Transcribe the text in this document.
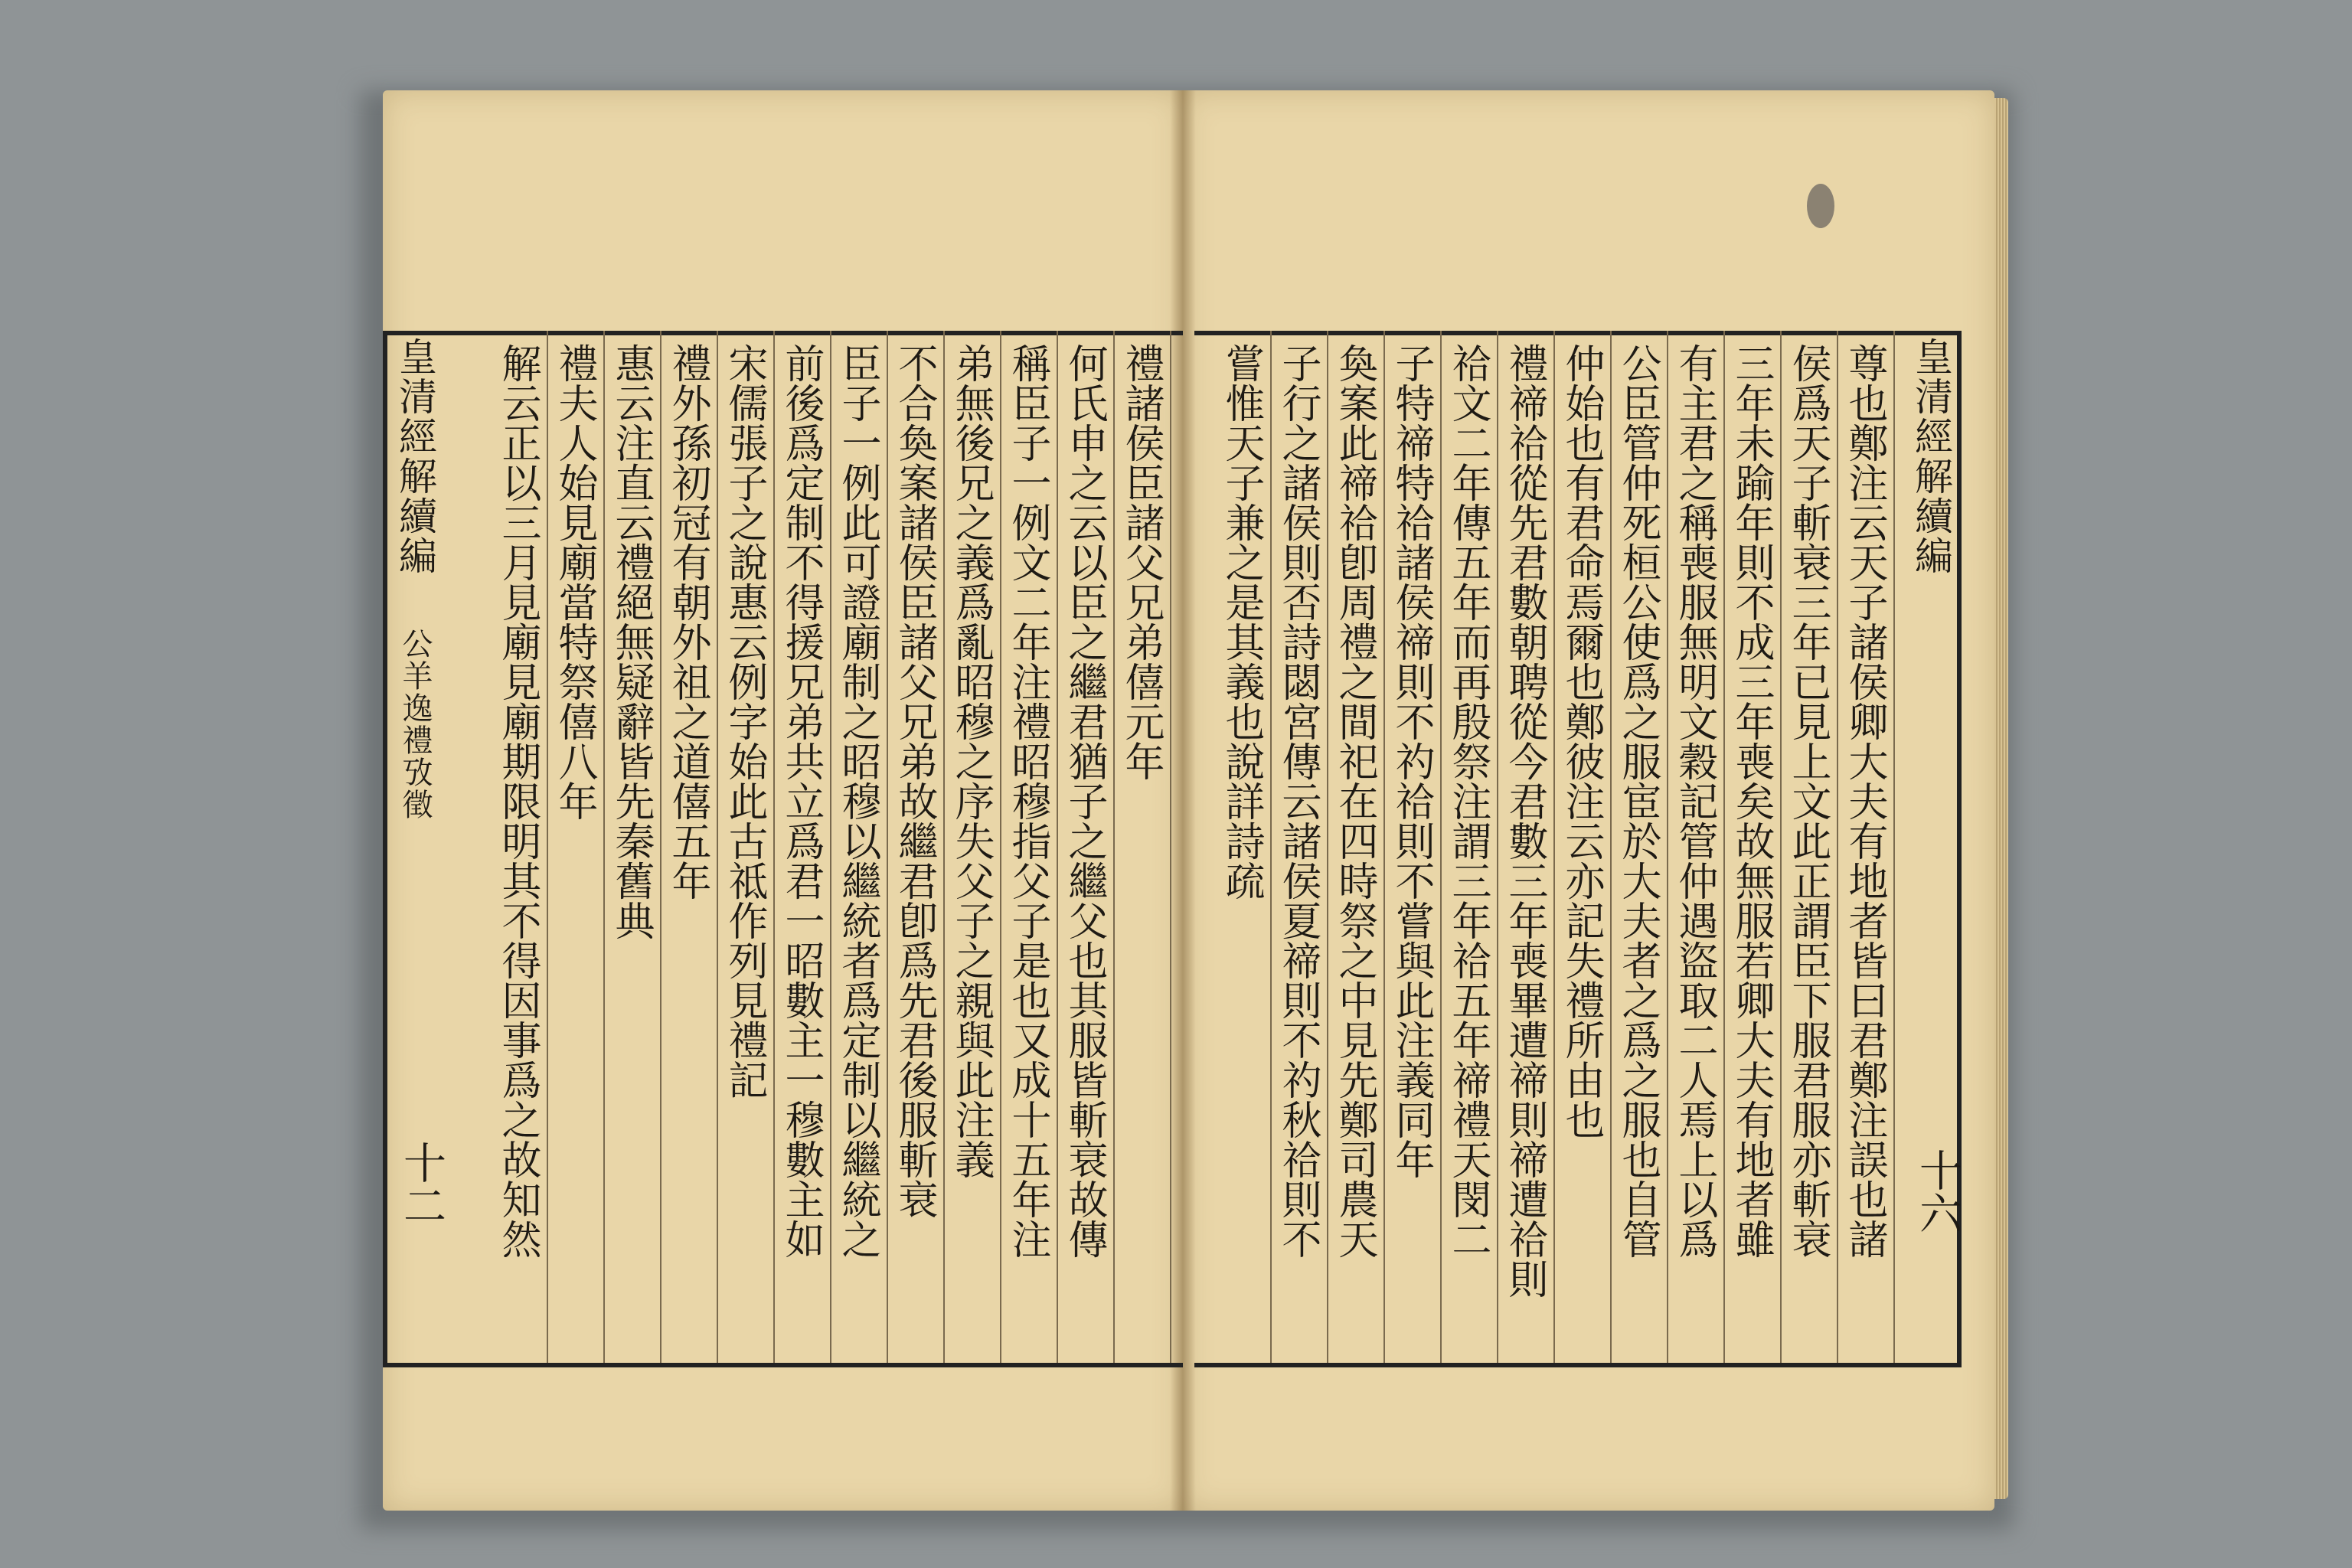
皇清經解續編
十六
皇清經解續編
公羊逸禮攷徵
十二	尊也鄭注云天子諸侯卿大夫有地者皆曰君鄭注誤也諸
侯爲天子斬衰三年已見上文此正謂臣下服君服亦斬衰
三年未踰年則不成三年喪矣故無服若卿大夫有地者雖
有主君之稱喪服無明文穀記管仲遇盜取二人焉上以爲
公臣管仲死桓公使爲之服宦於大夫者之爲之服也自管
仲始也有君命焉爾也鄭彼注云亦記失禮所由也
禮禘祫從先君數朝聘從今君數三年喪畢遭禘則禘遭祫則
祫文二年傳五年而再殷祭注謂三年祫五年禘禮天閔二
子特禘特祫諸侯禘則不礿祫則不嘗與此注義同年
奐案此禘祫卽周禮之間祀在四時祭之中見先鄭司農天
子行之諸侯則否詩閟宮傳云諸侯夏禘則不礿秋祫則不
嘗惟天子兼之是其義也說詳詩疏
禮諸侯臣諸父兄弟僖元年
何氏申之云以臣之繼君猶子之繼父也其服皆斬衰故傳
稱臣子一例文二年注禮昭穆指父子是也又成十五年注
弟無後兄之義爲亂昭穆之序失父子之親與此注義
不合奐案諸侯臣諸父兄弟故繼君卽爲先君後服斬衰
臣子一例此可證廟制之昭穆以繼統者爲定制以繼統之
前後爲定制不得援兄弟共立爲君一昭數主一穆數主如
宋儒張子之說惠云例字始此古祗作列見禮記
禮外孫初冠有朝外祖之道僖五年
惠云注直云禮絕無疑辭皆先秦舊典
禮夫人始見廟當特祭僖八年
解云正以三月見廟見廟期限明其不得因事爲之故知然
